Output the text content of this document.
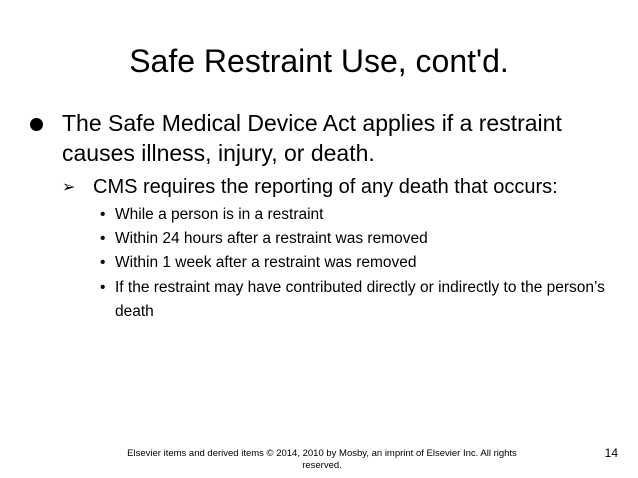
Safe Restraint Use, cont'd.
The Safe Medical Device Act applies if a restraint causes illness, injury, or death.
➢ CMS requires the reporting of any death that occurs:
• While a person is in a restraint
• Within 24 hours after a restraint was removed
• Within 1 week after a restraint was removed
• If the restraint may have contributed directly or indirectly to the person’s death
Elsevier items and derived items © 2014, 2010 by Mosby, an imprint of Elsevier Inc. All rights reserved.
14
